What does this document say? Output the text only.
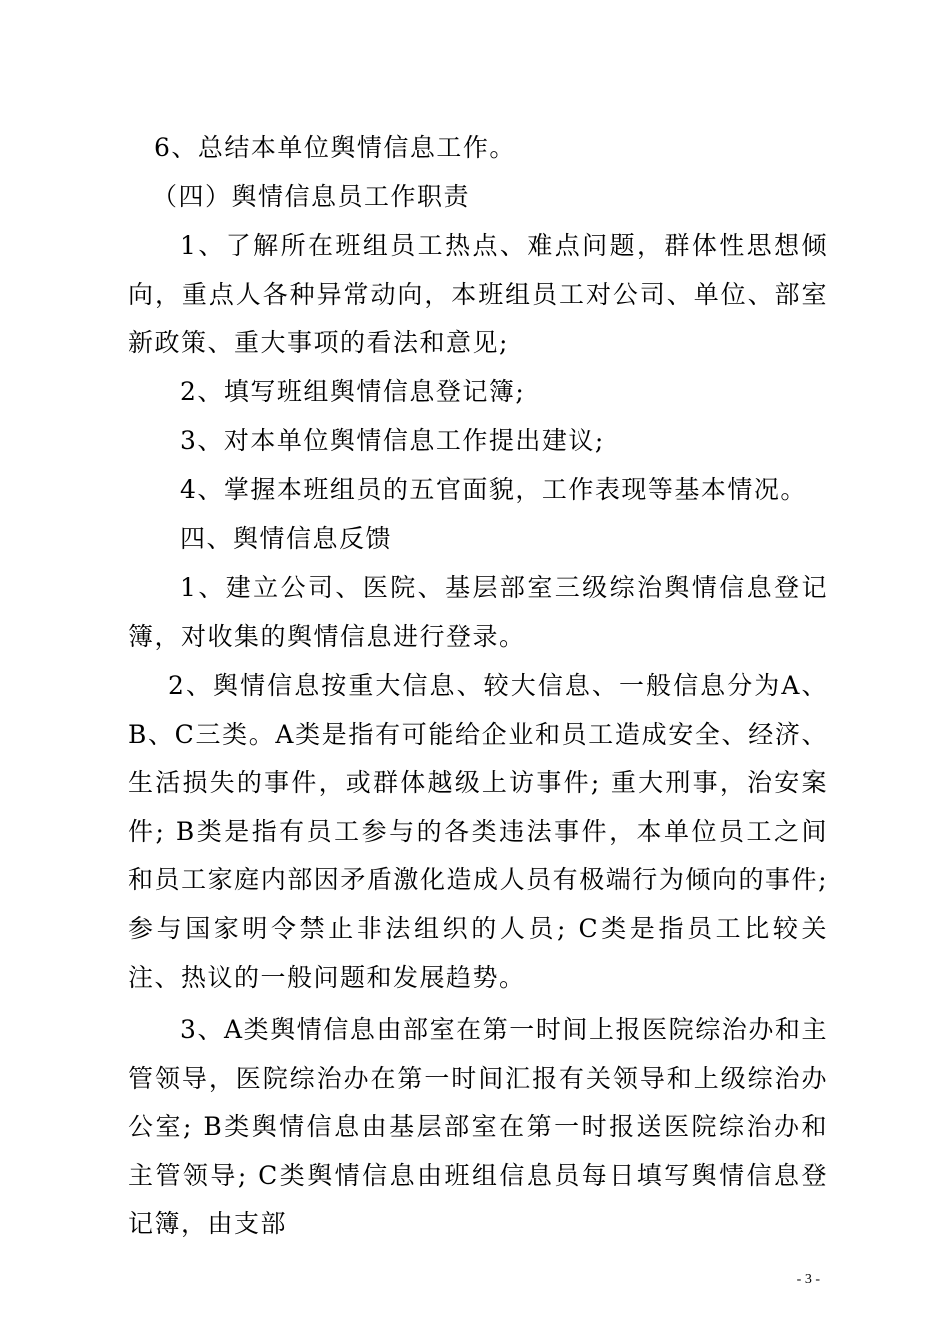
6、总结本单位舆情信息工作。

（四）舆情信息员工作职责

1、了解所在班组员工热点、难点问题，群体性思想倾向，重点人各种异常动向，本班组员工对公司、单位、部室新政策、重大事项的看法和意见;

2、填写班组舆情信息登记簿;

3、对本单位舆情信息工作提出建议;

4、掌握本班组员的五官面貌，工作表现等基本情况。

四、舆情信息反馈

1、建立公司、医院、基层部室三级综治舆情信息登记簿，对收集的舆情信息进行登录。

2、舆情信息按重大信息、较大信息、一般信息分为A、B、C三类。A类是指有可能给企业和员工造成安全、经济、生活损失的事件，或群体越级上访事件; 重大刑事，治安案件; B类是指有员工参与的各类违法事件，本单位员工之间和员工家庭内部因矛盾激化造成人员有极端行为倾向的事件; 参与国家明令禁止非法组织的人员; C类是指员工比较关注、热议的一般问题和发展趋势。

3、A类舆情信息由部室在第一时间上报医院综治办和主管领导，医院综治办在第一时间汇报有关领导和上级综治办公室; B类舆情信息由基层部室在第一时报送医院综治办和主管领导; C类舆情信息由班组信息员每日填写舆情信息登记簿，由支部

- 3 -
